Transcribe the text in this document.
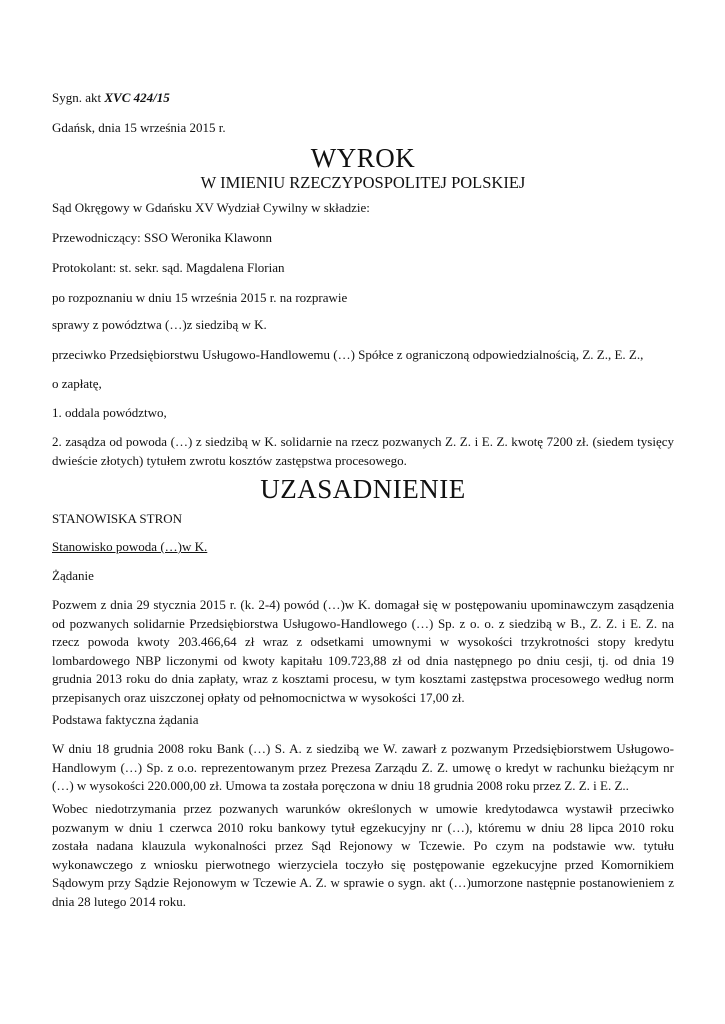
Sygn. akt XVC 424/15
Gdańsk, dnia 15 września 2015 r.
WYROK
W IMIENIU RZECZYPOSPOLITEJ POLSKIEJ
Sąd Okręgowy w Gdańsku XV Wydział Cywilny w składzie:
Przewodniczący: SSO Weronika Klawonn
Protokolant: st. sekr. sąd. Magdalena Florian
po rozpoznaniu w dniu 15 września 2015 r. na rozprawie
sprawy z powództwa (…)z siedzibą w K.
przeciwko Przedsiębiorstwu Usługowo-Handlowemu (…) Spółce z ograniczoną odpowiedzialnością, Z. Z., E. Z.,
o zapłatę,
1. oddala powództwo,
2. zasądza od powoda (…) z siedzibą w K. solidarnie na rzecz pozwanych Z. Z. i E. Z. kwotę 7200 zł. (siedem tysięcy dwieście złotych) tytułem zwrotu kosztów zastępstwa procesowego.
UZASADNIENIE
STANOWISKA STRON
Stanowisko powoda (…)w K.
Żądanie
Pozwem z dnia 29 stycznia 2015 r. (k. 2-4) powód (…)w K. domagał się w postępowaniu upominawczym zasądzenia od pozwanych solidarnie Przedsiębiorstwa Usługowo-Handlowego (…) Sp. z o. o. z siedzibą w B., Z. Z. i E. Z. na rzecz powoda kwoty 203.466,64 zł wraz z odsetkami umownymi w wysokości trzykrotności stopy kredytu lombardowego NBP liczonymi od kwoty kapitału 109.723,88 zł od dnia następnego po dniu cesji, tj. od dnia 19 grudnia 2013 roku do dnia zapłaty, wraz z kosztami procesu, w tym kosztami zastępstwa procesowego według norm przepisanych oraz uiszczonej opłaty od pełnomocnictwa w wysokości 17,00 zł.
Podstawa faktyczna żądania
W dniu 18 grudnia 2008 roku Bank (…) S. A. z siedzibą we W. zawarł z pozwanym Przedsiębiorstwem Usługowo-Handlowym (…) Sp. z o.o. reprezentowanym przez Prezesa Zarządu Z. Z. umowę o kredyt w rachunku bieżącym nr (…) w wysokości 220.000,00 zł. Umowa ta została poręczona w dniu 18 grudnia 2008 roku przez Z. Z. i E. Z..
Wobec niedotrzymania przez pozwanych warunków określonych w umowie kredytodawca wystawił przeciwko pozwanym w dniu 1 czerwca 2010 roku bankowy tytuł egzekucyjny nr (…), któremu w dniu 28 lipca 2010 roku została nadana klauzula wykonalności przez Sąd Rejonowy w Tczewie. Po czym na podstawie ww. tytułu wykonawczego z wniosku pierwotnego wierzyciela toczyło się postępowanie egzekucyjne przed Komornikiem Sądowym przy Sądzie Rejonowym w Tczewie A. Z. w sprawie o sygn. akt (…)umorzone następnie postanowieniem z dnia 28 lutego 2014 roku.
